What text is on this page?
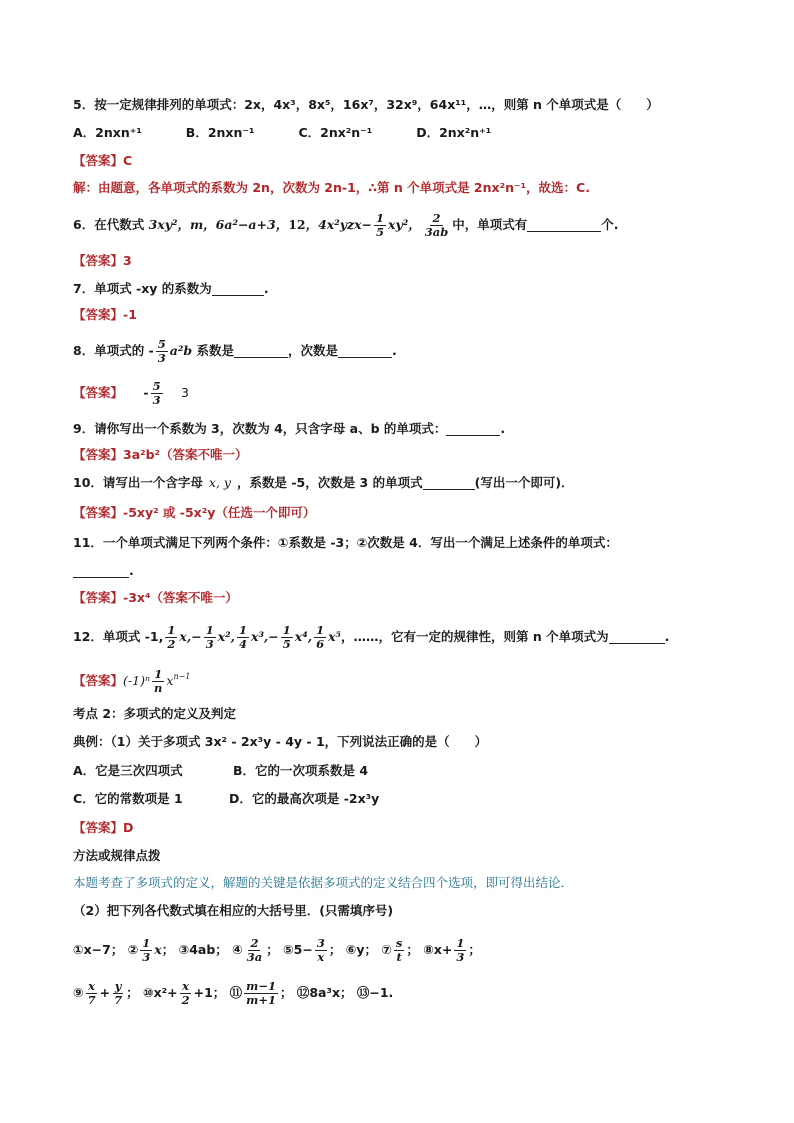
5．按一定规律排列的单项式：2x，4x³，8x⁵，16x⁷，32x⁹，64x¹¹，…，则第 n 个单项式是（　　）
A．2nxn⁺¹	B．2nxn⁻¹	C．2nx²n⁻¹	D．2nx²n⁺¹
【答案】C
解：由题意，各单项式的系数为 2n，次数为 2n-1，∴第 n 个单项式是 2nx²n⁻¹，故选：C.
6．在代数式 3xy²，m，6a²−a+3，12，$4x^2yzx- \frac{1}{5} xy^2$， $\frac{2}{3ab}$ 中，单项式有	个.
【答案】3
7．单项式 -xy 的系数为	.
【答案】-1
8．单项式的 - $\frac{5}{3} a^2b$ 系数是	，次数是	.
【答案】 - $\frac{5}{3} 3$
9．请你写出一个系数为 3，次数为 4，只含字母 a、b 的单项式：	.
【答案】3a²b²（答案不唯一）
10．请写出一个含字母 x, y ，系数是 -5，次数是 3 的单项式	(写出一个即可)．
【答案】-5xy² 或 -5x²y（任选一个即可）
11．一个单项式满足下列两个条件：①系数是 -3；②次数是 4．写出一个满足上述条件的单项式：
.
【答案】-3x⁴（答案不唯一）
12．单项式 -1, $\frac{1}{2} x,- \frac{1}{3} x^2$, $\frac{1}{4} x^3,- \frac{1}{5} x^4$, $\frac{1}{6} x^5$，……，它有一定的规律性，则第 n 个单项式为	.
【答案】$(-1)^n \frac{1}{n} x^{n-1}$
考点 2：多项式的定义及判定
典例：（1）关于多项式 3x² - 2x³y - 4y - 1，下列说法正确的是（　　）
A．它是三次四项式	B．它的一次项系数是 4
C．它的常数项是 1	D．它的最高次项是 -2x³y
【答案】D
方法或规律点拨
本题考查了多项式的定义，解题的关键是依据多项式的定义结合四个选项，即可得出结论．
（2）把下列各代数式填在相应的大括号里．(只需填序号)
①x−7； ② $\frac{1}{3}$ x； ③4ab； ④ $\frac{2}{3a}$ ； ⑤5− $\frac{3}{x}$ ； ⑥y； ⑦ $\frac{s}{t}$ ； ⑧x+ $\frac{1}{3}$ ；
⑨ $\frac{x}{7} + \frac{y}{7}$ ； ⑩x²+ $\frac{x}{2} +1$； ⑪ $\frac{m-1}{m+1}$ ； ⑫8a³x； ⑬−1.
